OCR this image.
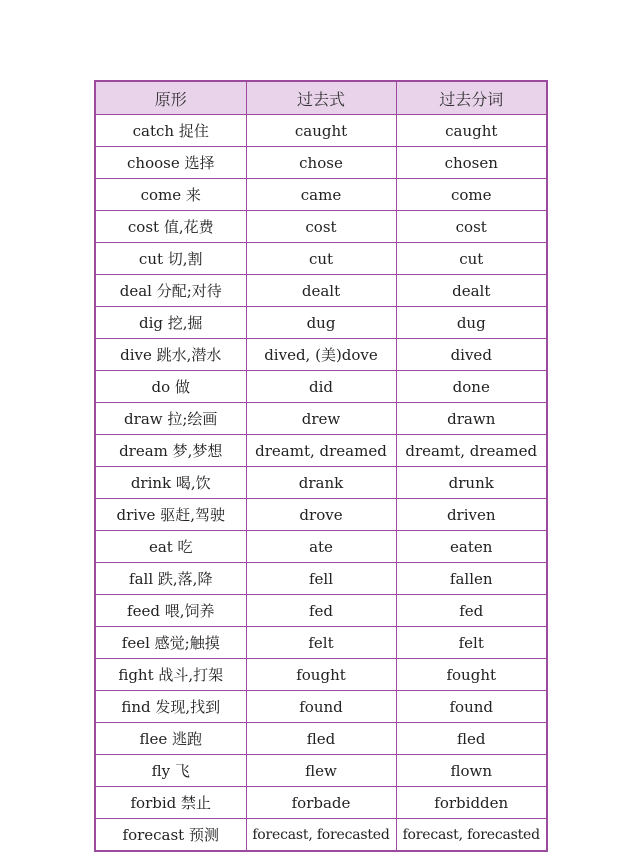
原形	过去式	过去分词
catch 捉住	caught	caught
choose 选择	chose	chosen
come 来	came	come
cost 值,花费	cost	cost
cut 切,割	cut	cut
deal 分配;对待	dealt	dealt
dig 挖,掘	dug	dug
dive 跳水,潜水	dived, (美)dove	dived
do 做	did	done
draw 拉;绘画	drew	drawn
dream 梦,梦想	dreamt, dreamed	dreamt, dreamed
drink 喝,饮	drank	drunk
drive 驱赶,驾驶	drove	driven
eat 吃	ate	eaten
fall 跌,落,降	fell	fallen
feed 喂,饲养	fed	fed
feel 感觉;触摸	felt	felt
fight 战斗,打架	fought	fought
find 发现,找到	found	found
flee 逃跑	fled	fled
fly 飞	flew	flown
forbid 禁止	forbade	forbidden
forecast 预测	forecast, forecasted	forecast, forecasted
